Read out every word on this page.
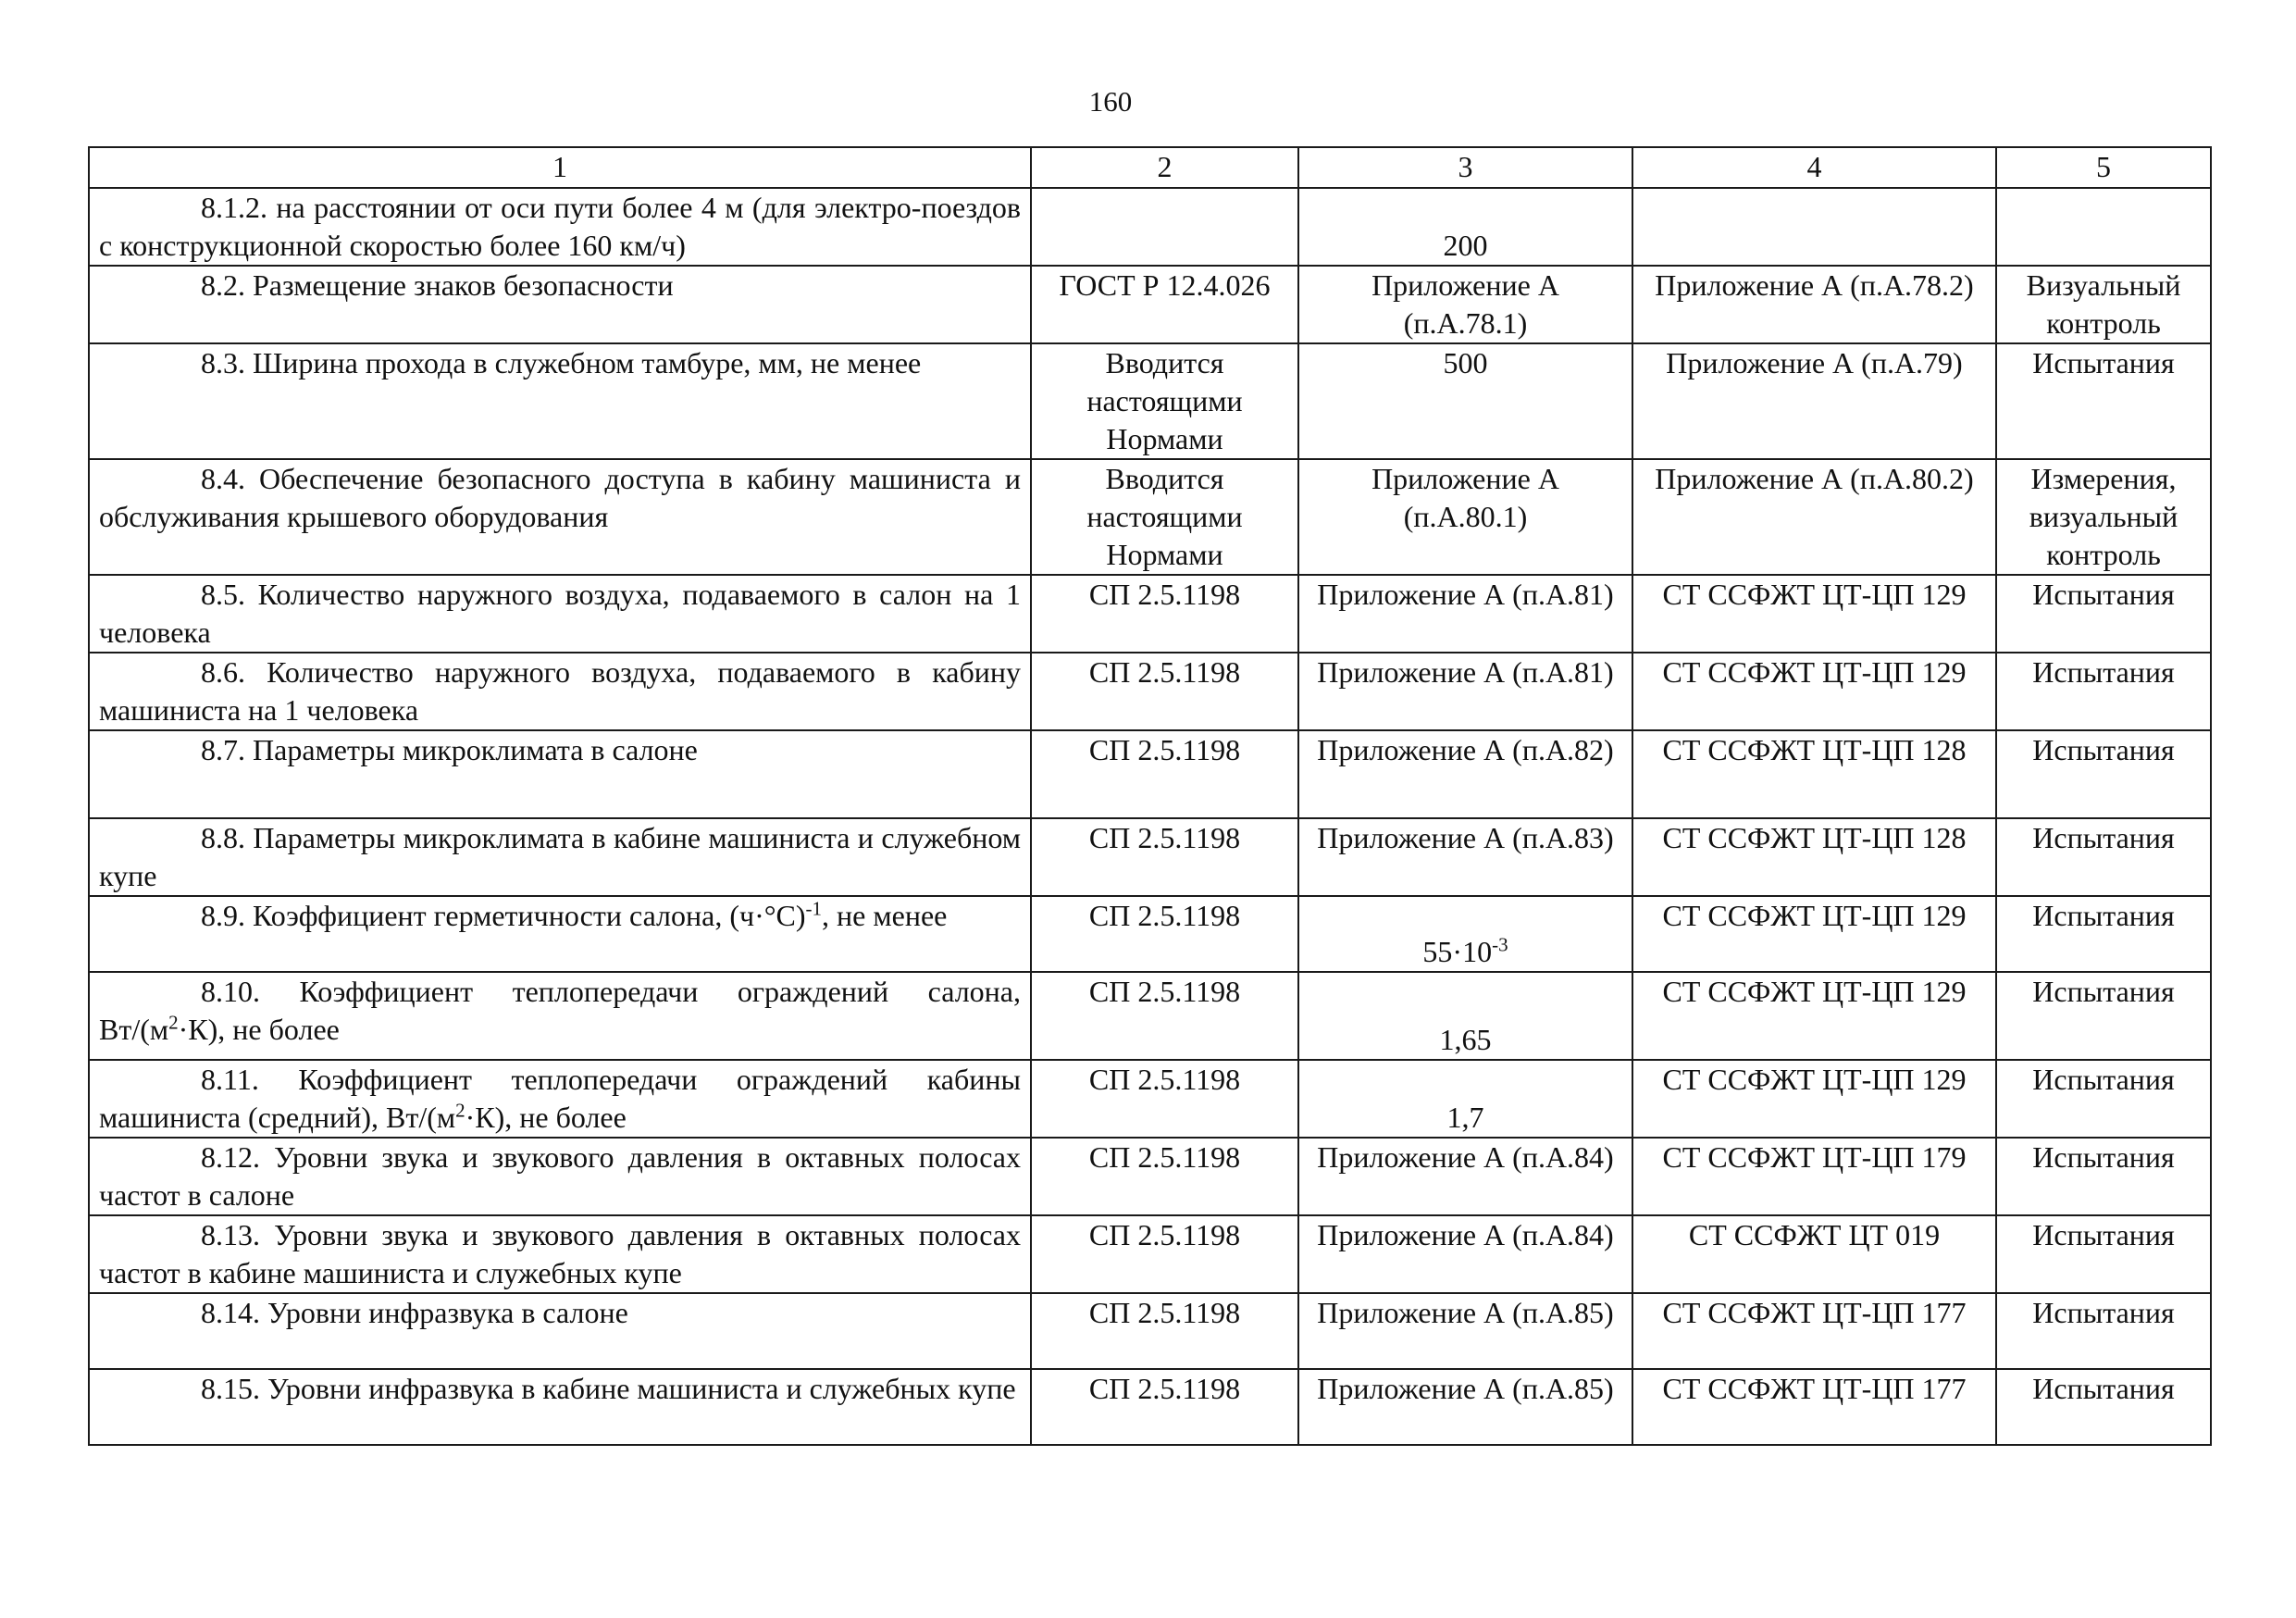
160
1	2	3	4	5

8.1.2. на расстоянии от оси пути более 4 м (для электро-поездов с конструкционной скоростью более 160 км/ч)		200		

8.2. Размещение знаков безопасности	ГОСТ Р 12.4.026	Приложение А (п.А.78.1)	Приложение А (п.А.78.2)	Визуальный контроль

8.3. Ширина прохода в служебном тамбуре, мм, не менее	Вводится настоящими Нормами	500	Приложение А (п.А.79)	Испытания

8.4. Обеспечение безопасного доступа в кабину машиниста и обслуживания крышевого оборудования	Вводится настоящими Нормами	Приложение А (п.А.80.1)	Приложение А (п.А.80.2)	Измерения, визуальный контроль

8.5. Количество наружного воздуха, подаваемого в салон на 1 человека	СП 2.5.1198	Приложение А (п.А.81)	СТ ССФЖТ ЦТ-ЦП 129	Испытания

8.6. Количество наружного воздуха, подаваемого в кабину машиниста на 1 человека	СП 2.5.1198	Приложение А (п.А.81)	СТ ССФЖТ ЦТ-ЦП 129	Испытания

8.7. Параметры микроклимата в салоне	СП 2.5.1198	Приложение А (п.А.82)	СТ ССФЖТ ЦТ-ЦП 128	Испытания

8.8. Параметры микроклимата в кабине машиниста и служебном купе	СП 2.5.1198	Приложение А (п.А.83)	СТ ССФЖТ ЦТ-ЦП 128	Испытания

8.9. Коэффициент герметичности салона, $(ч\cdot^\circ С)^{-1}$, не менее	СП 2.5.1198	$55\cdot 10^{-3}$	СТ ССФЖТ ЦТ-ЦП 129	Испытания

8.10. Коэффициент теплопередачи ограждений салона, $Вт/(м^2\cdot К)$, не более	СП 2.5.1198	1,65	СТ ССФЖТ ЦТ-ЦП 129	Испытания

8.11. Коэффициент теплопередачи ограждений кабины машиниста (средний), $Вт/(м^2\cdot К)$, не более	СП 2.5.1198	1,7	СТ ССФЖТ ЦТ-ЦП 129	Испытания

8.12. Уровни звука и звукового давления в октавных полосах частот в салоне	СП 2.5.1198	Приложение А (п.А.84)	СТ ССФЖТ ЦТ-ЦП 179	Испытания

8.13. Уровни звука и звукового давления в октавных полосах частот в кабине машиниста и служебных купе	СП 2.5.1198	Приложение А (п.А.84)	СТ ССФЖТ ЦТ 019	Испытания

8.14. Уровни инфразвука в салоне	СП 2.5.1198	Приложение А (п.А.85)	СТ ССФЖТ ЦТ-ЦП 177	Испытания

8.15. Уровни инфразвука в кабине машиниста и служебных купе	СП 2.5.1198	Приложение А (п.А.85)	СТ ССФЖТ ЦТ-ЦП 177	Испытания
